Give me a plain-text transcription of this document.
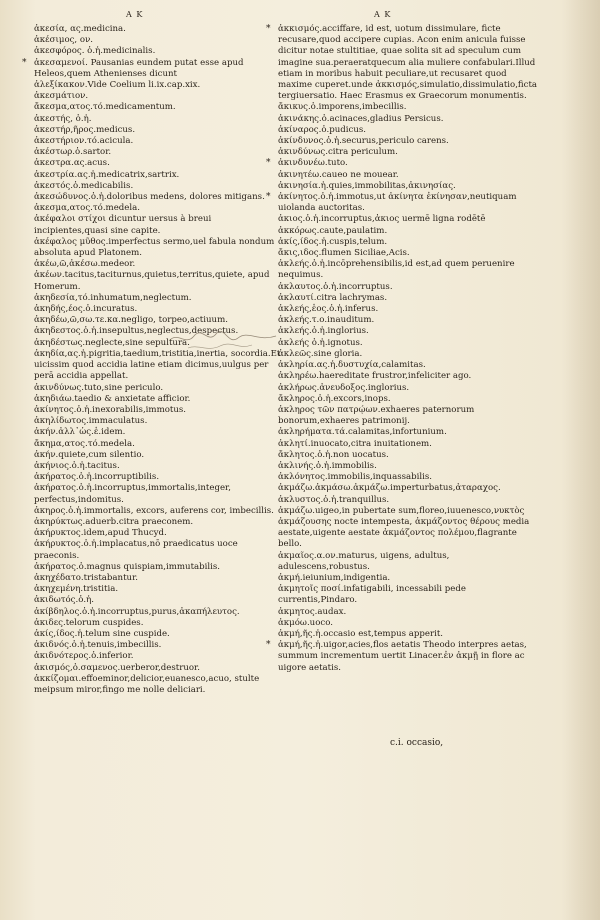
A K	A K

ἀκεσία, ας.medicina.

ἀκέσιμος, ον.

ἀκεσφόρος. ὁ.ἡ.medicinalis.

* ἀκεσαμενοί. Pausanias eundem putat esse apud Heleos,quem Athenienses dicunt

ἀλεξίκακον.Vide Coelium li.ix.cap.xix.

ἀκεσμάτιον.

ἄκεσμα,ατος.τό.medicamentum.

ἀκεστής, ὁ.ἡ.

ἀκεστήρ,ῆρος.medicus.

ἀκεστήριον.τό.acicula.

ἀκέστωρ.ὁ.sartor.

ἀκεστρα.ας.acus.

ἀκεστρία.ας.ἡ.medicatrix,sartrix.

ἀκεστός.ὁ.medicabilis.

ἀκεσώδυνος.ὁ.ἡ.doloribus medens, dolores mitigans.

ἀκεσμα,ατος.τό.medela.

ἀκέφαλοι στίχοι dicuntur uersus à breui incipientes,quasi sine capite.

ἀκέφαλος μῦθος.imperfectus sermo,uel fabula nondum absoluta apud Platonem.

ἀκέω,ῶ,ἀκέσω.medeor.

ἀκέων.tacitus,taciturnus,quietus,territus,quiete, apud Homerum.

ἀκηδεσία,τό.inhumatum,neglectum.

ἀκηδής,έος.ὁ.incuratus.

ἀκηδέω,ῶ,σω.τε.κα.negligo, torpeo,actiuum.

ἀκηδεστος.ὁ.ἡ.insepultus,neglectus,despectus.

ἀκηδέστως.neglecte,sine sepultura.

ἀκηδία,ας.ἡ.pigritia,taedium,tristitia,inertia, socordia.Et uicissim quod accidia latine etiam dicimus,uulgus per perā accidia appellat.

ἀκινδύνως.tuto,sine periculo.

ἀκηδιάω.taedio & anxietate afficior.

ἀκίνητος.ὁ.ἡ.inexorabilis,immotus.

ἀκηλίδωτος.immaculatus.

ἀκήν.ἀλλ᾽ὡς.ἑ.idem.

ἄκημα,ατος.τό.medela.

ἀκήν.quiete,cum silentio.

ἀκήνιος.ὁ.ἡ.tacitus.

ἀκήρατος.ὁ.ἡ.incorruptibilis.

ἀκήρατος.ὁ.ἡ.incorruptus,immortalis,integer, perfectus,indomitus.

ἀκηρος.ὁ.ἡ.immortalis, excors, auferens cor, imbecillis.

ἀκηρύκτως.aduerb.citra praeconem.

ἀκήρυκτος.idem,apud Thucyd.

ἀκήρυκτος.ὁ.ἡ.implacatus,nō praedicatus uoce praeconis.

ἀκήρατος.ὁ.magnus quispiam,immutabilis.

ἀκηχέδατο.tristabantur.

ἀκηχεμένη.tristitia.

ἀκιδωτός.ὁ.ἡ.

ἀκίβδηλος.ὁ.ἡ.incorruptus,purus,ἀκαπήλευτος.

ἀκιδες.telorum cuspides.

ἀκίς,ίδος.ἡ.telum sine cuspide.

ἀκιδνός.ὁ.ἡ.tenuis,imbecillis.

ἀκιδνότερος.ὁ.inferior.

ἀκισμός,ὁ.σαμενος.uerberor,destruor.

ἀκκίζομαι.effoeminor,delicior,euanesco,acuo, stulte meipsum miror,fingo me nolle deliciari.

* ἀκκισμός.acciffare, id est, uotum dissimulare, ficte recusare,quod accipere cupias. Acon enim anicula fuisse dicitur notae stultitiae, quae solita sit ad speculum cum imagine sua.peraeratquecum alia muliere confabulari.Illud etiam in moribus habuit peculiare,ut recusaret quod maxime cuperet.unde ἀκκισμός,simulatio,dissimulatio,ficta tergiuersatio. Haec Erasmus ex Graecorum monumentis.

ἄκικυς.ὁ.imporens,imbecillis.

ἀκινάκης.ὁ.acinaces,gladius Persicus.

ἀκίναρος.ὁ.pudicus.

ἀκίνδυνος.ὁ.ἡ.securus,periculo carens.

ἀκινδύνως.citra periculum.

* ἀκινδυνέω.tuto.

ἀκινητέω.caueo ne mouear.

ἀκινησία.ἡ.quies,immobilitas,ἀκινησίας.

* ἀκίνητος.ὁ.ἡ.immotus,ut ἀκίνητα ἐκίνησαν,neutiquam uiolanda auctoritas.

ἀκιος.ὁ.ἡ.incorruptus,ἀκιος uermē ligna rodētē

ἀκκόρως.caute,paulatim.

ἀκίς,ίδος.ἡ.cuspis,telum.

ἄκις,ιδος.flumen Siciliae,Acis.

ἀκλεής.ὁ.ἡ.incōprehensibilis,id est,ad quem peruenire nequimus.

ἀκλαυτος.ὁ.ἡ.incorruptus.

ἀκλαυτί.citra lachrymas.

ἀκλεής,ἑος.ὁ.ἡ.inferus.

ἀκλεής.τ.ο.inauditum.

ἀκλεής.ὁ.ἡ.inglorius.

ἀκλεής ὁ.ἡ.ignotus.

ἀκλεῶς.sine gloria.

ἀκληρία.ας.ἡ.δυστυχία,calamitas.

ἀκληρέω.haereditate frustror,infeliciter ago.

ἀκλήρως.ἀνευδοξος.inglorius.

ἄκληρος.ὁ.ἡ.excors,inops.

ἀκληρος τῶν πατρῴων.exhaeres paternorum bonorum,exhaeres patrimonij.

ἀκληρήματα.τά.calamitas,infortunium.

ἀκλητί.inuocato,citra inuitationem.

ἄκλητος.ὁ.ἡ.non uocatus.

ἀκλινής.ὁ.ἡ.immobilis.

ἀκλόνητος.immobilis,inquassabilis.

ἀκμάζω.ἀκμάσω.ἀκμάζω.imperturbatus,ἀταραχος.

ἀκλυστος.ὁ.ἡ.tranquillus.

ἀκμάζω.uigeo,in pubertate sum,floreo,iuuenesco,νυκτὸς ἀκμάζουσης nocte intempesta, ἀκμάζοντος θέρους media aestate,uigente aestate ἀκμάζοντος πολέμου,flagrante bello.

ἀκμαῖος.α.ον.maturus, uigens, adultus, adulescens,robustus.

ἀκμή.ieiunium,indigentia.

ἀκμητοῖς ποσί.infatigabili, incessabili pede currentis,Pindaro.

ἀκμητος.audax.

ἀκμόω.uoco.

ἀκμή,ῆς.ἡ.occasio est,tempus apperit.

* ἀκμή,ῆς.ἡ.uigor,acies,flos aetatis Theodo interpres aetas, summum incrementum uertit Linacer.ἐν ἀκμῇ in flore ac uigore aetatis.

c.i. occasio,
